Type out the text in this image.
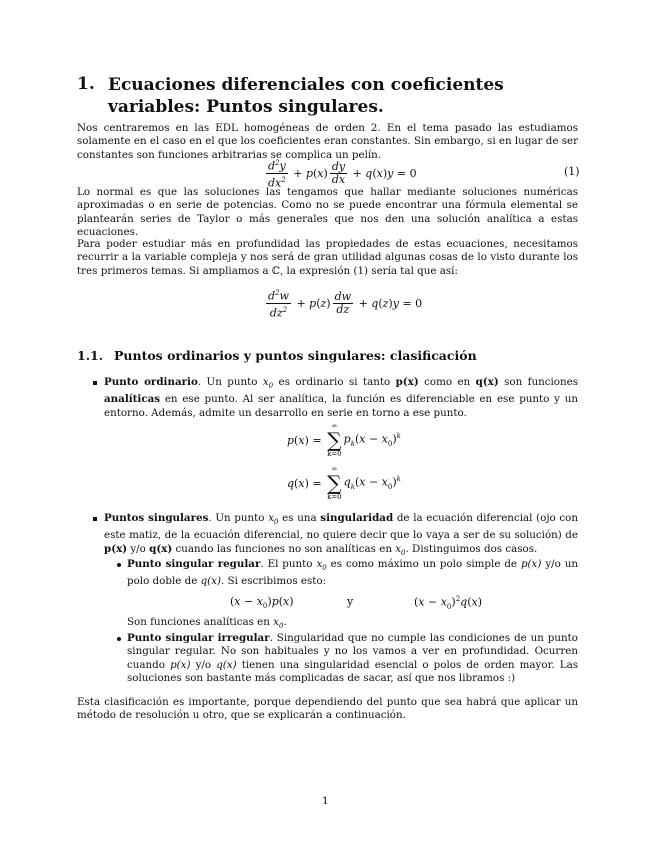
1. Ecuaciones diferenciales con coeficientes variables: Puntos singulares.
Nos centraremos en las EDL homogéneas de orden 2. En el tema pasado las estudiamos solamente en el caso en el que los coeficientes eran constantes. Sin embargo, si en lugar de ser constantes son funciones arbitrarias se complica un pelín.
$\frac{d^2y}{dx^2} + p(x) \frac{dy}{dx} + q(x)y = 0$	(1)
Lo normal es que las soluciones las tengamos que hallar mediante soluciones numéricas aproximadas o en serie de potencias. Como no se puede encontrar una fórmula elemental se plantearán series de Taylor o más generales que nos den una solución analítica a estas ecuaciones.
Para poder estudiar más en profundidad las propiedades de estas ecuaciones, necesitamos recurrir a la variable compleja y nos será de gran utilidad algunas cosas de lo visto durante los tres primeros temas. Si ampliamos a ℂ, la expresión (1) sería tal que así:
$\frac{d^2w}{dz^2} + p(z) \frac{dw}{dz} + q(z)y = 0$
1.1. Puntos ordinarios y puntos singulares: clasificación
Punto ordinario. Un punto $x_0$ es ordinario si tanto p(x) como en q(x) son funciones analíticas en ese punto. Al ser analítica, la función es diferenciable en ese punto y un entorno. Además, admite un desarrollo en serie en torno a ese punto.
p(x) =
∞
∑
k=0
$p_k(x - x_0)^k$
q(x) =
∞
∑
k=0
$q_k(x - x_0)^k$
Puntos singulares. Un punto $x_0$ es una singularidad de la ecuación diferencial (ojo con este matiz, de la ecuación diferencial, no quiere decir que lo vaya a ser de su solución) de p(x) y/o q(x) cuando las funciones no son analíticas en $x_0$. Distinguimos dos casos.
Punto singular regular. El punto $x_0$ es como máximo un polo simple de p(x) y/o un polo doble de q(x). Si escribimos esto:
$(x - x_0)p(x)$	y	$(x - x_0)^2q(x)$
Son funciones analíticas en $x_0$.
Punto singular irregular. Singularidad que no cumple las condiciones de un punto singular regular. No son habituales y no los vamos a ver en profundidad. Ocurren cuando p(x) y/o q(x) tienen una singularidad esencial o polos de orden mayor. Las soluciones son bastante más complicadas de sacar, así que nos libramos :)
Esta clasificación es importante, porque dependiendo del punto que sea habrá que aplicar un método de resolución u otro, que se explicarán a continuación.
1
